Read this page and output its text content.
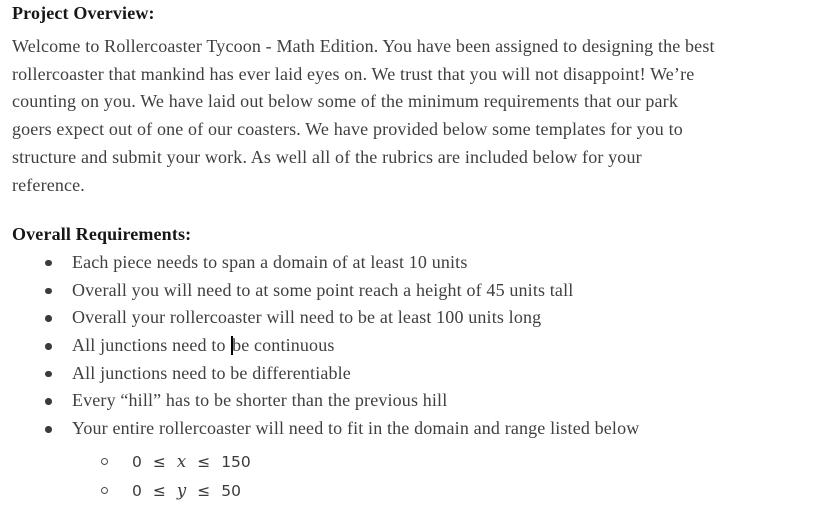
Project Overview:
Welcome to Rollercoaster Tycoon - Math Edition. You have been assigned to designing the best
rollercoaster that mankind has ever laid eyes on. We trust that you will not disappoint! We’re
counting on you. We have laid out below some of the minimum requirements that our park
goers expect out of one of our coasters. We have provided below some templates for you to
structure and submit your work. As well all of the rubrics are included below for your
reference.
Overall Requirements:
Each piece needs to span a domain of at least 10 units
Overall you will need to at some point reach a height of 45 units tall
Overall your rollercoaster will need to be at least 100 units long
All junctions need to be continuous
All junctions need to be differentiable
Every “hill” has to be shorter than the previous hill
Your entire rollercoaster will need to fit in the domain and range listed below
0 ≤ x ≤ 150
0 ≤ y ≤ 50
